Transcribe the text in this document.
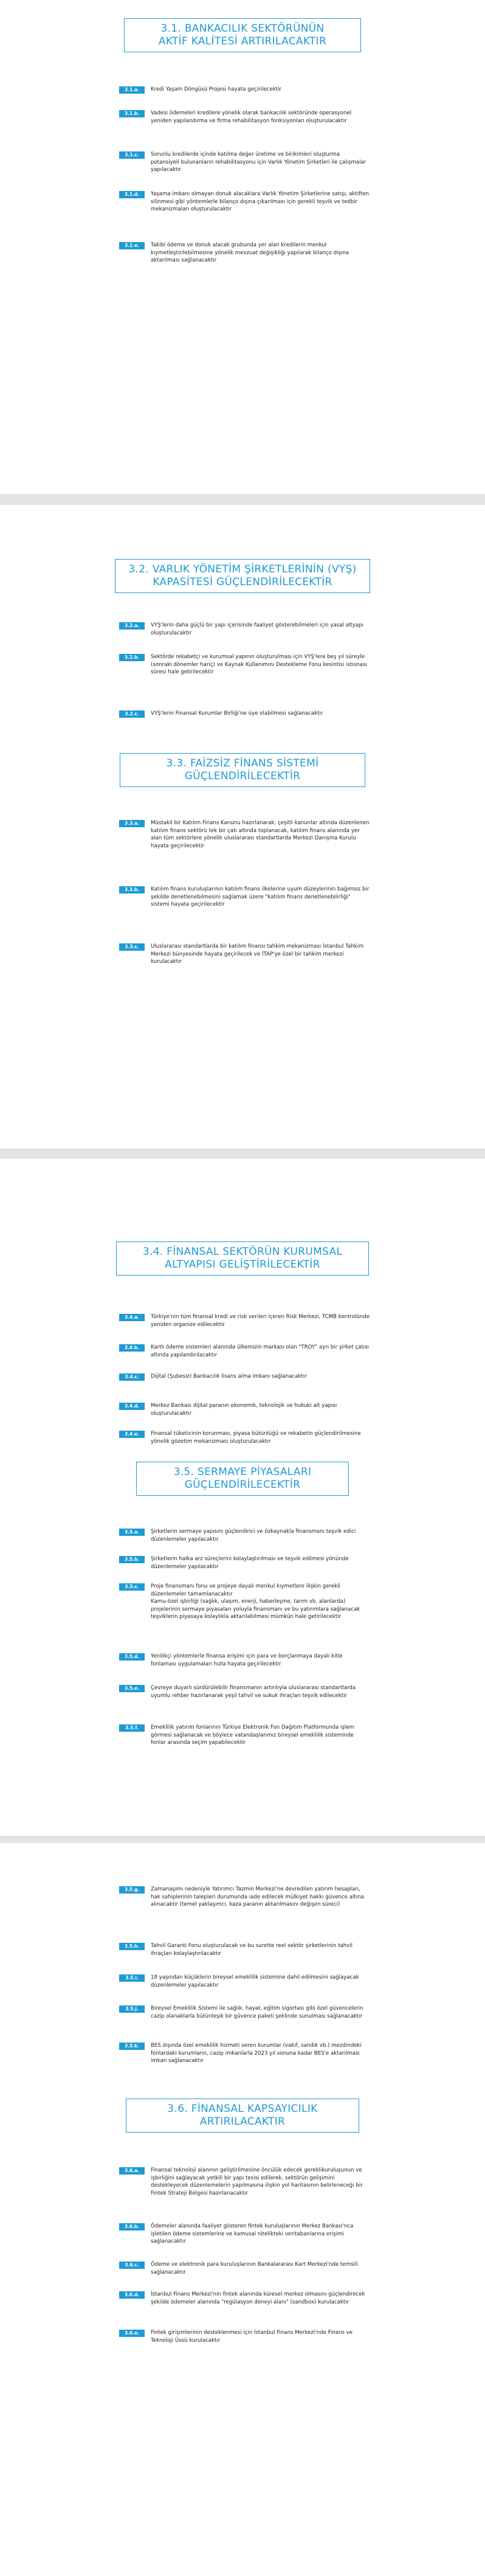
3.1. BANKACILIK SEKTÖRÜNÜN
AKTİF KALİTESİ ARTIRILACAKTIR
3.1.a.	Kredi Yaşam Döngüsü Projesi hayata geçirilecektir
3.1.b.	Vadesi ödemeleri kredilere yönelik olarak bankacılık sektöründe operasyonel yeniden yapılandırma ve firma rehabilitasyon fonksiyonları oluşturulacaktır
3.1.c.	Sorunlu kredilerde içinde katılma değer üretime ve birikimleri oluşturma potansiyeli bulunanların rehabilitasyonu için Varlık Yönetim Şirketleri ile çalışmalar yapılacaktır
3.1.d.	Yaşama imkanı olmayan donuk alacaklara Varlık Yönetim Şirketlerine satışı, aktiften silinmesi gibi yöntemlerle bilanço dışına çıkarılması için gerekli teşvik ve tedbir mekanizmaları oluşturulacaktır
3.1.e.	Takibi ödeme ve donuk alacak grubunda yer alan kredilerin menkul kıymetleştirilebilmesine yönelik mevzuat değişikliği yapılarak bilanço dışına aktarılması sağlanacaktır
3.2. VARLIK YÖNETİM ŞİRKETLERİNİN (VYŞ)
KAPASİTESİ GÜÇLENDİRİLECEKTİR
3.2.a.	VYŞ'lerin daha güçlü bir yapı içerisinde faaliyet gösterebilmeleri için yasal altyapı oluşturulacaktır
3.2.b.	Sektörde rekabetçi ve kurumsal yapının oluşturulması için VYŞ'lere beş yıl süreyle (sonraki dönemler hariç) ve Kaynak Kullanımını Destekleme Fonu kesintisi istisnası süresi hale getirilecektir
3.2.c.	VYŞ'lerin Finansal Kurumlar Birliği'ne üye olabilmesi sağlanacaktır
3.3. FAİZSİZ FİNANS SİSTEMİ
GÜÇLENDİRİLECEKTİR
3.3.a.	Müstakil bir Katılım Finans Kanunu hazırlanarak, çeşitli kanunlar altında düzenlenen katılım finans sektörü tek bir çatı altında toplanacak, katılım finans alanında yer alan tüm sektörlere yönelik uluslararası standartlarda Merkezi Danışma Kurulu hayata geçirilecektir
3.3.b.	Katılım finans kuruluşlarının katılım finans ilkelerine uyum düzeylerinin bağımsız bir şekilde denetlenebilmesini sağlamak üzere "katılım finans denetlenebilirliği" sistemi hayata geçirilecektir
3.3.c.	Uluslararası standartlarda bir katılım finansı tahkim mekanizması İstanbul Tahkim Merkezi bünyesinde hayata geçirilecek ve İTAP'ye özel bir tahkim merkezi kurulacaktır
3.4. FİNANSAL SEKTÖRÜN KURUMSAL
ALTYAPISI GELİŞTİRİLECEKTİR
3.4.a.	Türkiye'nin tüm finansal kredi ve risk verileri içeren Risk Merkezi, TCMB kontrolünde yeniden organize edilecektir
3.4.b.	Kartlı ödeme sistemleri alanında ülkemizin markası olan "TROY" ayrı bir şirket çatısı altında yapılandırılacaktır
3.4.c.	Dijital (Şubesiz) Bankacılık lisans alma imkanı sağlanacaktır
3.4.d.	Merkez Bankası dijital paranın ekonomik, teknolojik ve hukuki alt yapısı oluşturulacaktır
3.4.e.	Finansal tüketicinin korunması, piyasa bütünlüğü ve rekabetin güçlendirilmesine yönelik gözetim mekanizması oluşturulacaktır
3.5. SERMAYE PİYASALARI
GÜÇLENDİRİLECEKTİR
3.5.a.	Şirketlerin sermaye yapısını güçlendirici ve özkaynakla finansmanı teşvik edici düzenlemeler yapılacaktır
3.5.b.	Şirketlerin halka arz süreçlerini kolaylaştırılması ve teşvik edilmesi yönünde düzenlemeler yapılacaktır
3.5.c.	Proje finansmanı fonu ve projeye dayalı menkul kıymetlere ilişkin gerekli düzenlemeler tamamlanacaktır
Kamu-özel işbirliği (sağlık, ulaşım, enerji, haberleşme, tarım vb. alanlarda) projelerinin sermaye piyasaları yoluyla finansmanı ve bu yatırımlara sağlanacak teşviklerin piyasaya kolaylıkla aktarılabilmesi mümkün hale getirilecektir
3.5.d.	Yenilikçi yöntemlerle finansa erişimi için para ve borçlanmaya dayalı kitle fonlaması uygulamaları hızla hayata geçirilecektir
3.5.e.	Çevreye duyarlı sürdürülebilir finansmanın artırılıyla uluslararası standartlarda uyumlu rehber hazırlanarak yeşil tahvil ve sukuk ihraçları teşvik edilecektir
3.5.f.	Emeklilik yatırım fonlarının Türkiye Elektronik Fon Dağıtım Platformunda işlem görmesi sağlanacak ve böylece vatandaşlarımız bireysel emeklilik sisteminde fonlar arasında seçim yapabilecektir
3.5.g.	Zamanaşımı nedeniyle Yatırımcı Tazmin Merkezi'ne devredilen yatırım hesapları, hak sahiplerinin talepleri durumunda iade edilecek mülkiyet hakkı güvence altına alınacaktır (temel yaklaşımcı, kaza paranın aktarılmasını değişen süreci)
3.5.h.	Tahvil Garanti Fonu oluşturulacak ve bu surette reel sektör şirketlerinin tahvil ihraçları kolaylaştırılacaktır
3.5.i.	18 yaşından küçüklerin bireysel emeklilik sistemine dahil edilmesini sağlayacak düzenlemeler yapılacaktır
3.5.j.	Bireysel Emeklilik Sistemi ile sağlık, hayat, eğitim sigortası gibi özel güvencelerin cazip olanaklarla bütünleşik bir güvence paketi şeklinde sunulması sağlanacaktır
3.5.k.	BES dışında özel emeklilik hizmeti veren kurumlar (vakıf, sandık vb.) mezdindeki fonlardaki kurumların, cazip imkanlarla 2023 yıl sonuna kadar BES'e aktarılması imkan sağlanacaktır
3.6. FİNANSAL KAPSAYICILIK
ARTIRILACAKTIR
3.6.a.	Finansal teknoloji alanının geliştirilmesine öncülük edecek gereklikuruluşunun ve işbirliğini sağlayacak yetkili bir yapı tesisi edilerek, sektörün gelişimini destekleyecek düzenlemelerin yapılmasına ilişkin yol haritasının belirleneceği bir Fintek Strateji Belgesi hazırlanacaktır
3.6.b.	Ödemeler alanında faaliyet gösteren fintek kuruluşlarının Merkez Bankası'nca işletilen ödeme sistemlerine ve kamusal nitelikteki veritabanlarına erişimi sağlanacaktır
3.6.c.	Ödeme ve elektronik para kuruluşlarının Bankalararası Kart Merkezi'nde temsili sağlanacaktır
3.6.d.	İstanbul Finans Merkezi'nin fintek alanında küresel merkez olmasını güçlendirecek şekilde ödemeler alanında "regülasyon deneyi alanı" (sandbox) kurulacaktır
3.6.e.	Fintek girişimlerinin desteklenmesi için İstanbul Finans Merkezi'nde Finans ve Teknoloji Üssü kurulacaktır
